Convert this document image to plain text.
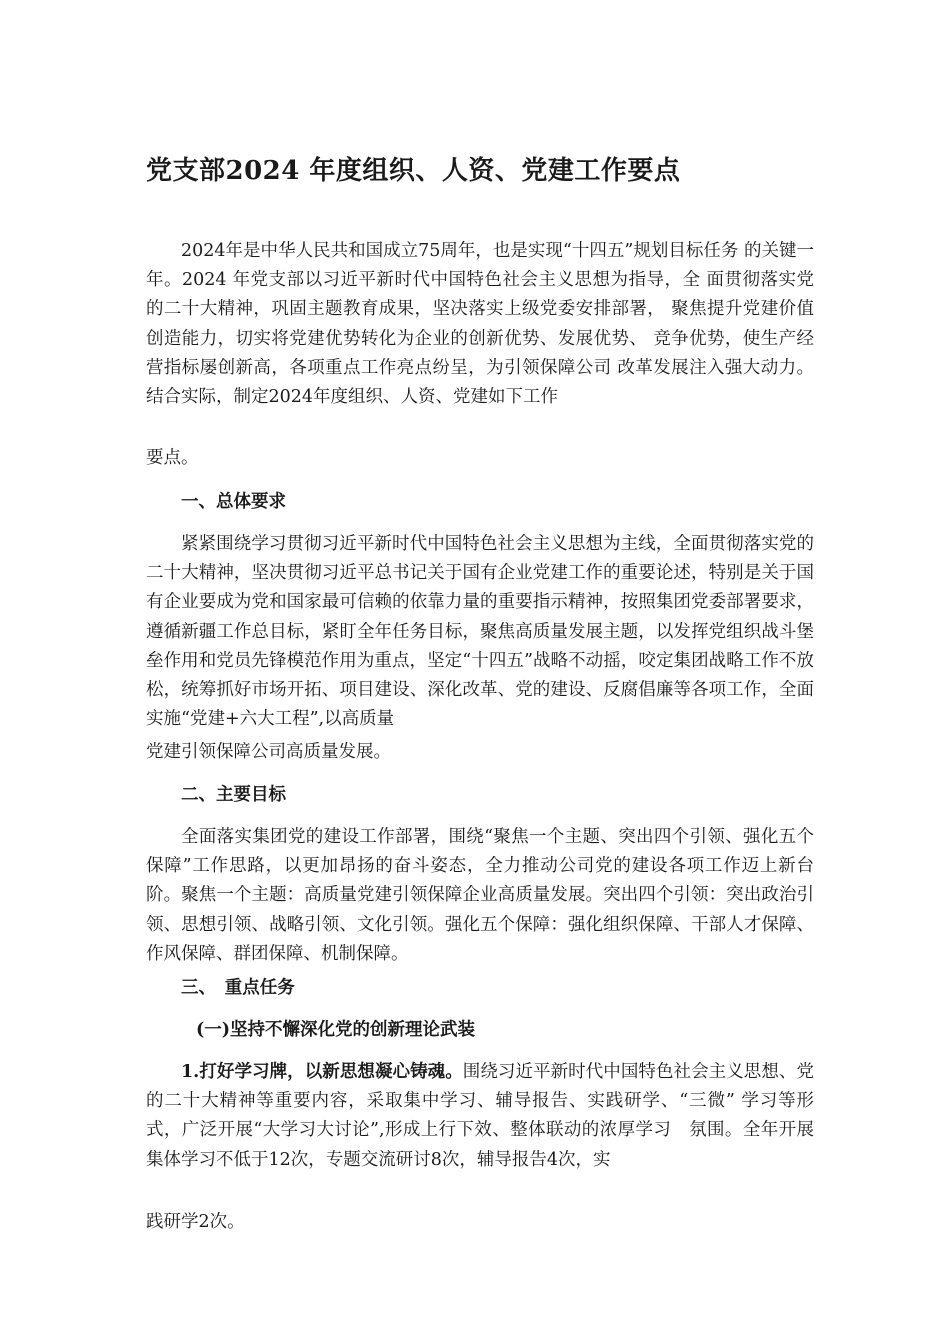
党支部2024 年度组织、人资、党建工作要点

2024年是中华人民共和国成立75周年，也是实现“十四五”规划目标任务 的关键一年。2024 年党支部以习近平新时代中国特色社会主义思想为指导，全 面贯彻落实党的二十大精神，巩固主题教育成果，坚决落实上级党委安排部署， 聚焦提升党建价值创造能力，切实将党建优势转化为企业的创新优势、发展优势、 竞争优势，使生产经营指标屡创新高，各项重点工作亮点纷呈，为引领保障公司 改革发展注入强大动力。结合实际，制定2024年度组织、人资、党建如下工作

要点。

一、总体要求

紧紧围绕学习贯彻习近平新时代中国特色社会主义思想为主线，全面贯彻落实党的二十大精神，坚决贯彻习近平总书记关于国有企业党建工作的重要论述，特别是关于国有企业要成为党和国家最可信赖的依靠力量的重要指示精神，按照集团党委部署要求，遵循新疆工作总目标，紧盯全年任务目标，聚焦高质量发展主题，以发挥党组织战斗堡垒作用和党员先锋模范作用为重点，坚定“十四五”战略不动摇，咬定集团战略工作不放松，统筹抓好市场开拓、项目建设、深化改革、党的建设、反腐倡廉等各项工作，全面实施“党建+六大工程”,以高质量

党建引领保障公司高质量发展。

二、主要目标

全面落实集团党的建设工作部署，围绕“聚焦一个主题、突出四个引领、强化五个保障”工作思路，以更加昂扬的奋斗姿态，全力推动公司党的建设各项工作迈上新台阶。聚焦一个主题：高质量党建引领保障企业高质量发展。突出四个引领：突出政治引领、思想引领、战略引领、文化引领。强化五个保障：强化组织保障、干部人才保障、作风保障、群团保障、机制保障。

三、　重点任务
(一)坚持不懈深化党的创新理论武装

1.打好学习牌，以新思想凝心铸魂。围绕习近平新时代中国特色社会主义思想、党的二十大精神等重要内容，采取集中学习、辅导报告、实践研学、“三微” 学习等形式，广泛开展“大学习大讨论”,形成上行下效、整体联动的浓厚学习　氛围。全年开展集体学习不低于12次，专题交流研讨8次，辅导报告4次，实

践研学2次。
